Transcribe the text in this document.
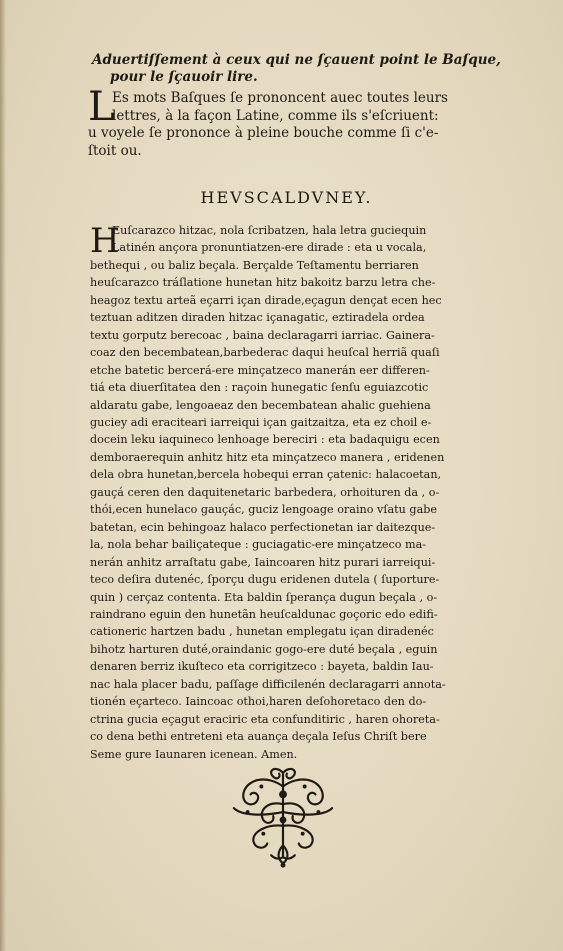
Aduertiſſement à ceux qui ne ſçauent point le Baſque,
pour le ſçauoir lire.
L
Es mots Baſques ſe prononcent auec toutes leurs
lettres, à la façon Latine, comme ils s'eſcriuent:
u voyele ſe prononce à pleine bouche comme ſi c'e-
ſtoit ou.
HEVSCALDVNEY.
H
Euſcarazco hitzac, nola ſcribatzen, hala letra guciequin
Latinén ançora pronuntiatzen-ere dirade : eta u vocala,
bethequi , ou baliz beçala. Berçalde Teſtamentu berriaren
heuſcarazco tráſlatione hunetan hitz bakoitz barzu letra che-
heagoz textu arteã eçarri içan dirade,eçagun dençat ecen hec
teztuan aditzen diraden hitzac içanagatic, eztiradela ordea
textu gorputz berecoac , baina declaragarri iarriac. Gainera-
coaz den becembatean,barbederac daqui heuſcal herriã quaſi
etche batetic bercerá-ere minçatzeco manerán eer differen-
tiá eta diuerſitatea den : raçoin hunegatic ſenſu eguiazcotic
aldaratu gabe, lengoaeaz den becembatean ahalic guehiena
guciey adi eraciteari iarreiqui içan gaitzaitza, eta ez choil e-
docein leku iaquineco lenhoage bereciri : eta badaquigu ecen
demboraerequin anhitz hitz eta minçatzeco manera , eridenen
dela obra hunetan,bercela hobequi erran çatenic: halacoetan,
gauçá ceren den daquitenetaric barbedera, orhoituren da , o-
thói,ecen hunelaco gauçác, guciz lengoage oraino vſatu gabe
batetan, ecin behingoaz halaco perfectionetan iar daitezque-
la, nola behar bailiçateque : guciagatic-ere minçatzeco ma-
nerán anhitz arraſtatu gabe, Iaincoaren hitz purari iarreiqui-
teco deſira dutenéc, ſporçu dugu eridenen dutela ( ſuporture-
quin ) cerçaz contenta. Eta baldin ſperança dugun beçala , o-
raindrano eguin den hunetãn heuſcaldunac goçoric edo edifi-
cationeric hartzen badu , hunetan emplegatu içan diradenéc
bihotz harturen duté,oraindanic gogo-ere duté beçala , eguin
denaren berriz ikuſteco eta corrigitzeco : bayeta, baldin Iau-
nac hala placer badu, paſſage difficilenén declaragarri annota-
tionén eçarteco. Iaincoac othoi,haren deſohoretaco den do-
ctrina gucia eçagut eraciric eta confunditiric , haren ohoreta-
co dena bethi entreteni eta auança deçala Ieſus Chriſt bere
Seme gure Iaunaren icenean. Amen.
